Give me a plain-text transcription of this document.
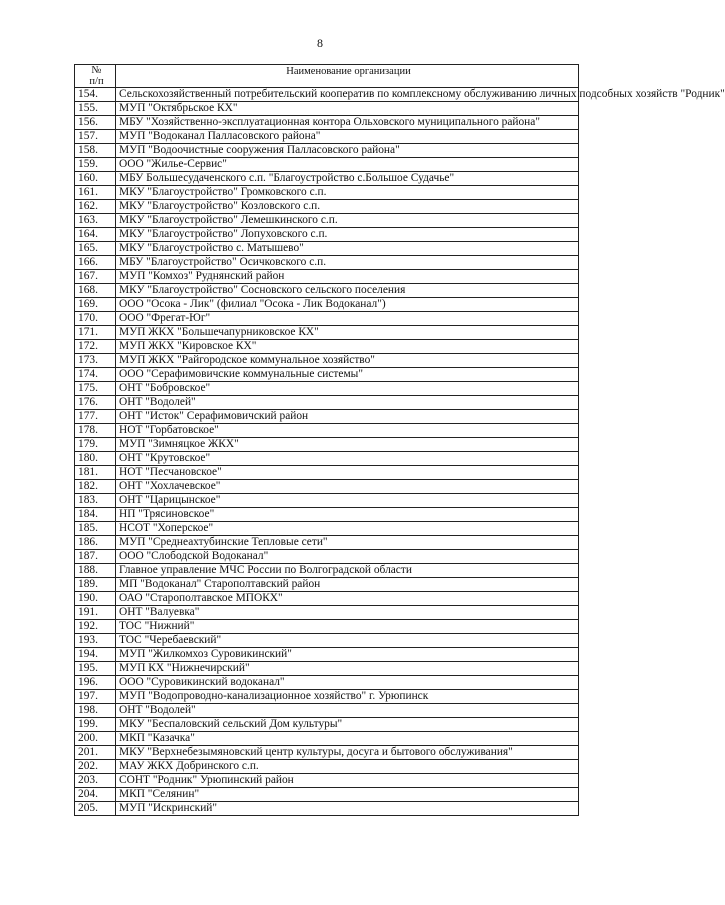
8
№
п/п	Наименование организации
154.	Сельскохозяйственный потребительский кооператив по комплексному обслуживанию личных подсобных хозяйств "Родник"
155.	МУП "Октябрьское КХ"
156.	МБУ "Хозяйственно-эксплуатационная контора Ольховского муниципального района"
157.	МУП "Водоканал Палласовского района"
158.	МУП "Водоочистные сооружения Палласовского района"
159.	ООО "Жилье-Сервис"
160.	МБУ Большесудаченского с.п. "Благоустройство с.Большое Судачье"
161.	МКУ "Благоустройство" Громковского с.п.
162.	МКУ "Благоустройство" Козловского с.п.
163.	МКУ "Благоустройство" Лемешкинского с.п.
164.	МКУ "Благоустройство" Лопуховского с.п.
165.	МКУ "Благоустройство с. Матышево"
166.	МБУ "Благоустройство" Осичковского с.п.
167.	МУП "Комхоз" Руднянский район
168.	МКУ "Благоустройство" Сосновского сельского поселения
169.	ООО "Осока - Лик" (филиал "Осока - Лик Водоканал")
170.	ООО "Фрегат-Юг"
171.	МУП ЖКХ "Большечапурниковское КХ"
172.	МУП ЖКХ "Кировское КХ"
173.	МУП ЖКХ "Райгородское коммунальное хозяйство"
174.	ООО "Серафимовичские коммунальные системы"
175.	ОНТ "Бобровское"
176.	ОНТ "Водолей"
177.	ОНТ "Исток" Серафимовичский район
178.	НОТ "Горбатовское"
179.	МУП "Зимняцкое ЖКХ"
180.	ОНТ "Крутовское"
181.	НОТ "Песчановское"
182.	ОНТ "Хохлачевское"
183.	ОНТ "Царицынское"
184.	НП "Трясиновское"
185.	НСОТ "Хоперское"
186.	МУП "Среднеахтубинские Тепловые сети"
187.	ООО "Слободской Водоканал"
188.	Главное управление МЧС России по Волгоградской области
189.	МП "Водоканал" Старополтавский район
190.	ОАО "Старополтавское МПОКХ"
191.	ОНТ "Валуевка"
192.	ТОС "Нижний"
193.	ТОС "Черебаевский"
194.	МУП "Жилкомхоз Суровикинский"
195.	МУП КХ "Нижнечирский"
196.	ООО "Суровикинский водоканал"
197.	МУП "Водопроводно-канализационное хозяйство" г. Урюпинск
198.	ОНТ "Водолей"
199.	МКУ "Беспаловский сельский Дом культуры"
200.	МКП "Казачка"
201.	МКУ "Верхнебезымяновский центр культуры, досуга и бытового обслуживания"
202.	МАУ ЖКХ Добринского с.п.
203.	СОНТ "Родник" Урюпинский район
204.	МКП "Селянин"
205.	МУП "Искринский"
